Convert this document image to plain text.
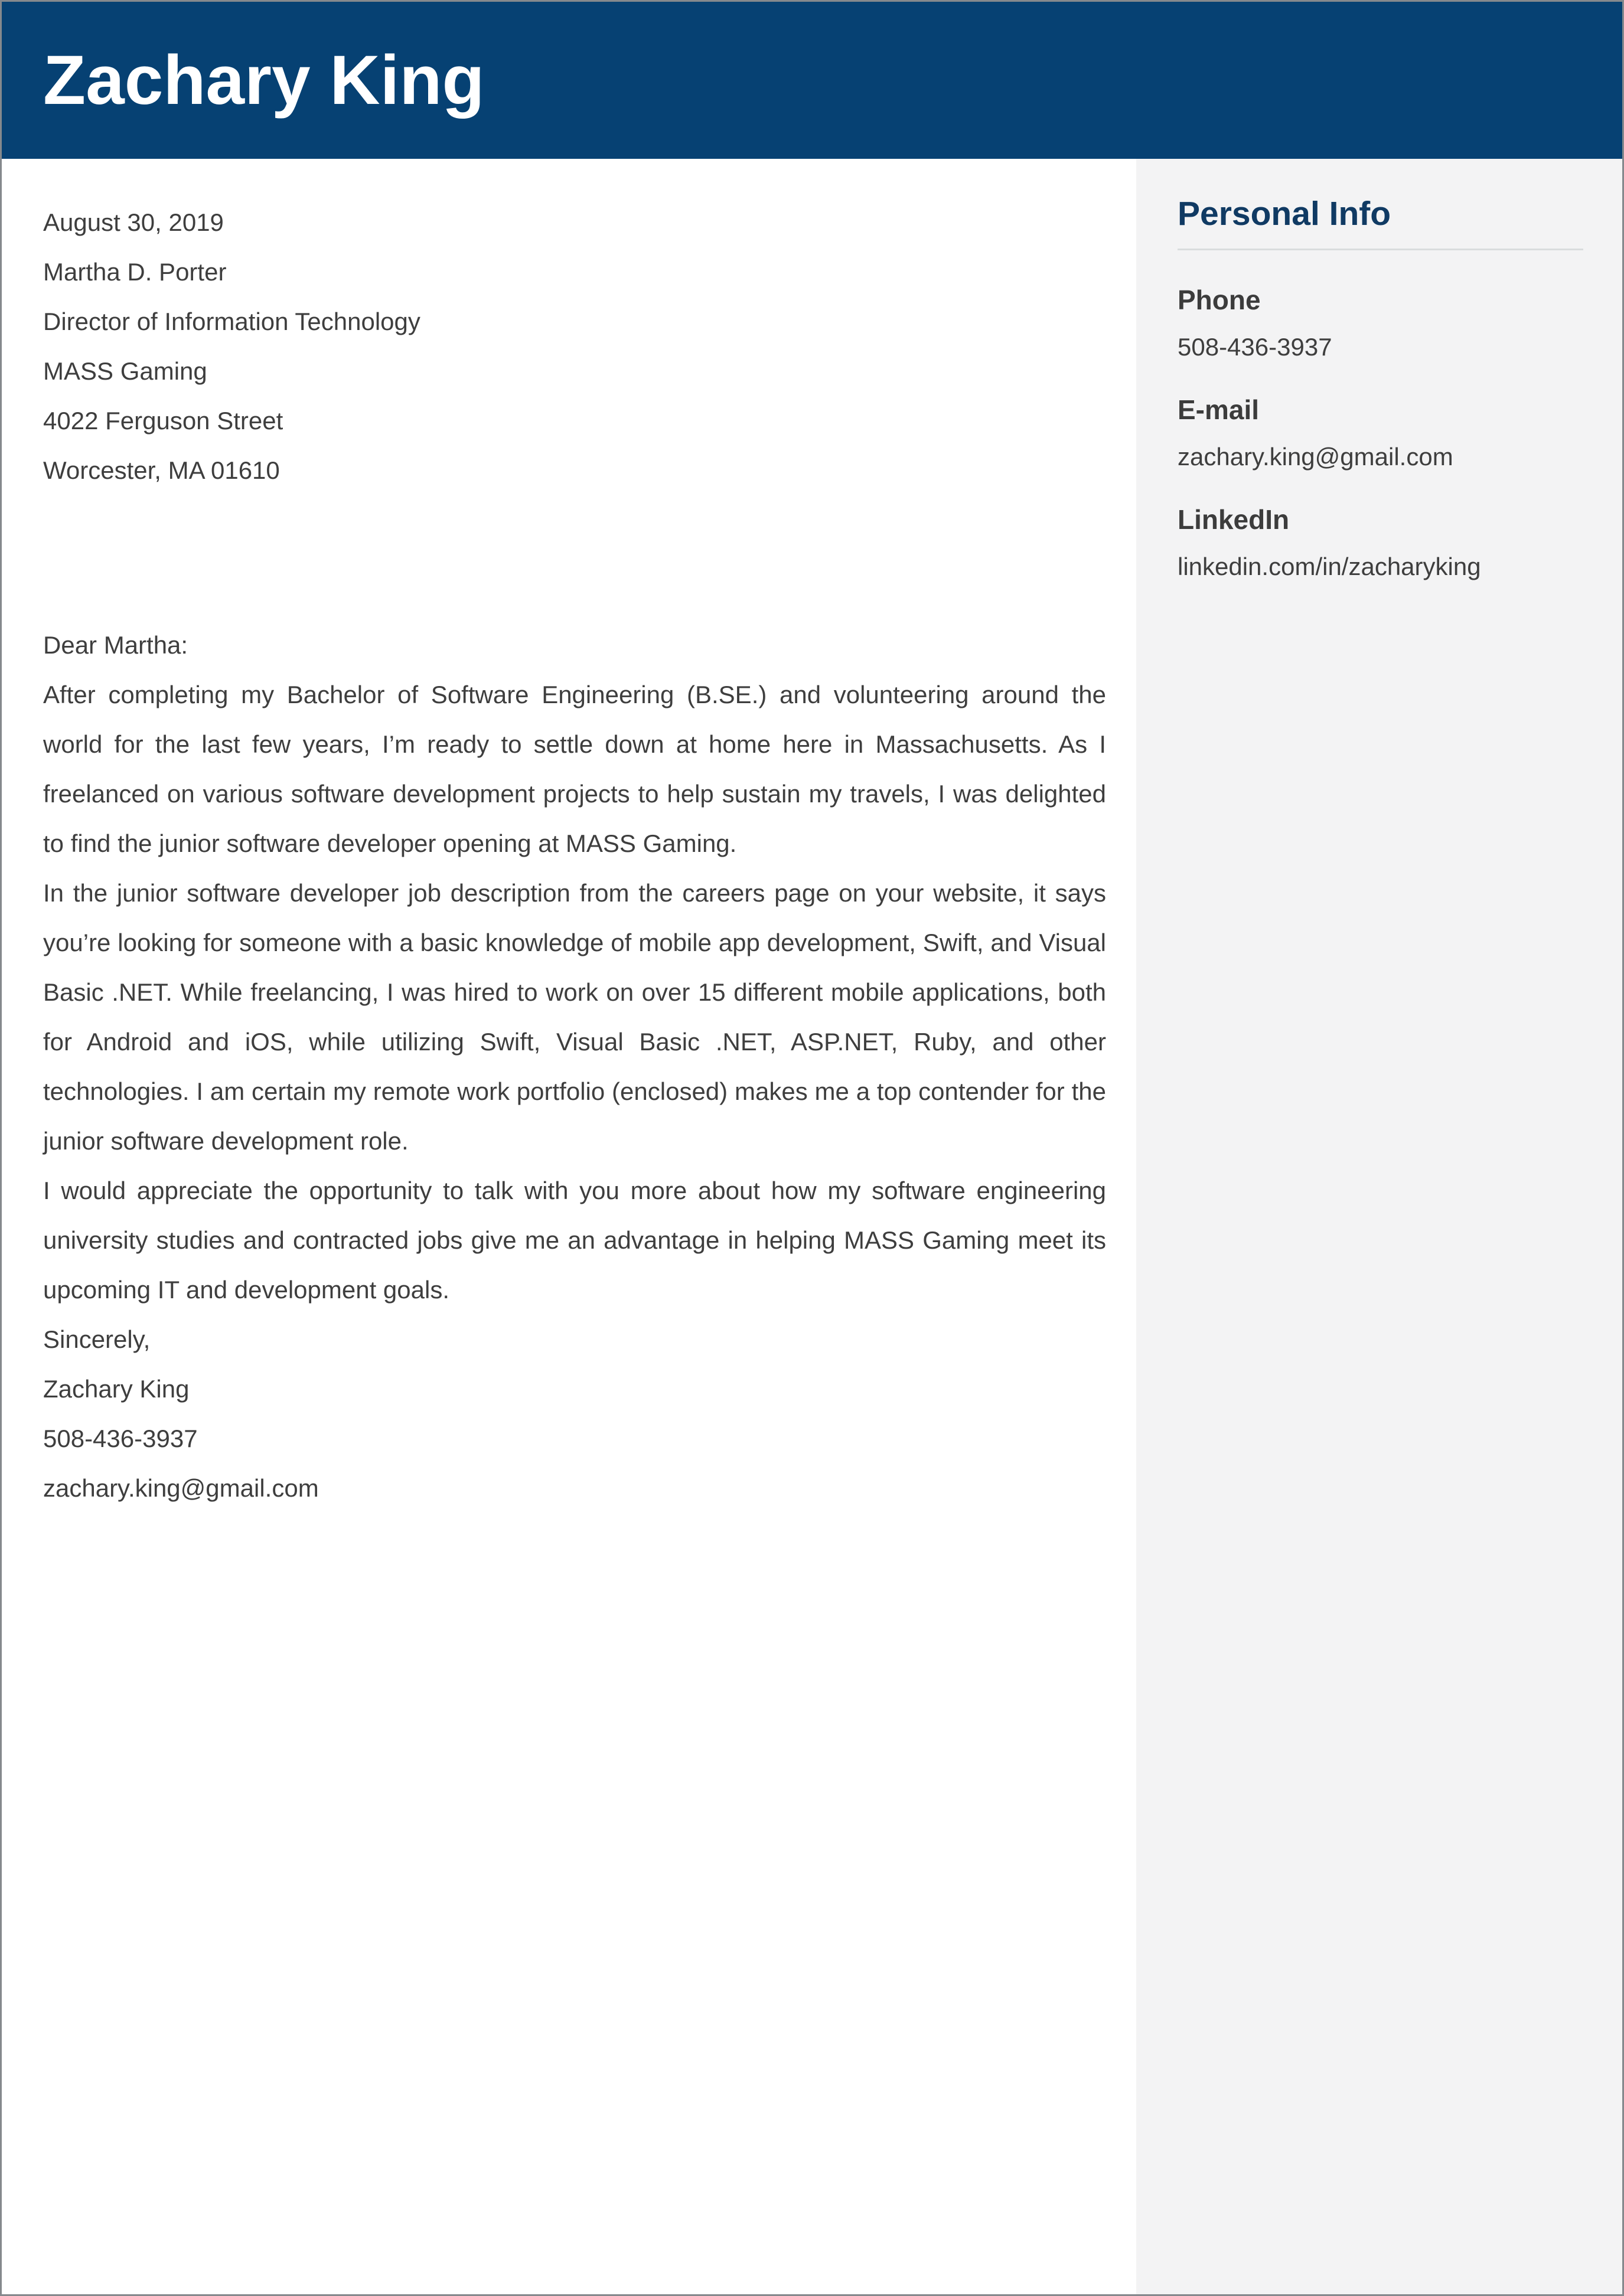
Zachary King

August 30, 2019

Martha D. Porter

Director of Information Technology

MASS Gaming

4022 Ferguson Street

Worcester, MA 01610

Dear Martha:

After completing my Bachelor of Software Engineering (B.SE.) and volunteering around the world for the last few years, I’m ready to settle down at home here in Massachusetts. As I freelanced on various software development projects to help sustain my travels, I was delighted to find the junior software developer opening at MASS Gaming.

In the junior software developer job description from the careers page on your website, it says you’re looking for someone with a basic knowledge of mobile app development, Swift, and Visual Basic .NET. While freelancing, I was hired to work on over 15 different mobile applications, both for Android and iOS, while utilizing Swift, Visual Basic .NET, ASP.NET, Ruby, and other technologies. I am certain my remote work portfolio (enclosed) makes me a top contender for the junior software development role.

I would appreciate the opportunity to talk with you more about how my software engineering university studies and contracted jobs give me an advantage in helping MASS Gaming meet its upcoming IT and development goals.

Sincerely,

Zachary King

508-436-3937

zachary.king@gmail.com

Personal Info

Phone

508-436-3937

E-mail

zachary.king@gmail.com

LinkedIn

linkedin.com/in/zacharyking
